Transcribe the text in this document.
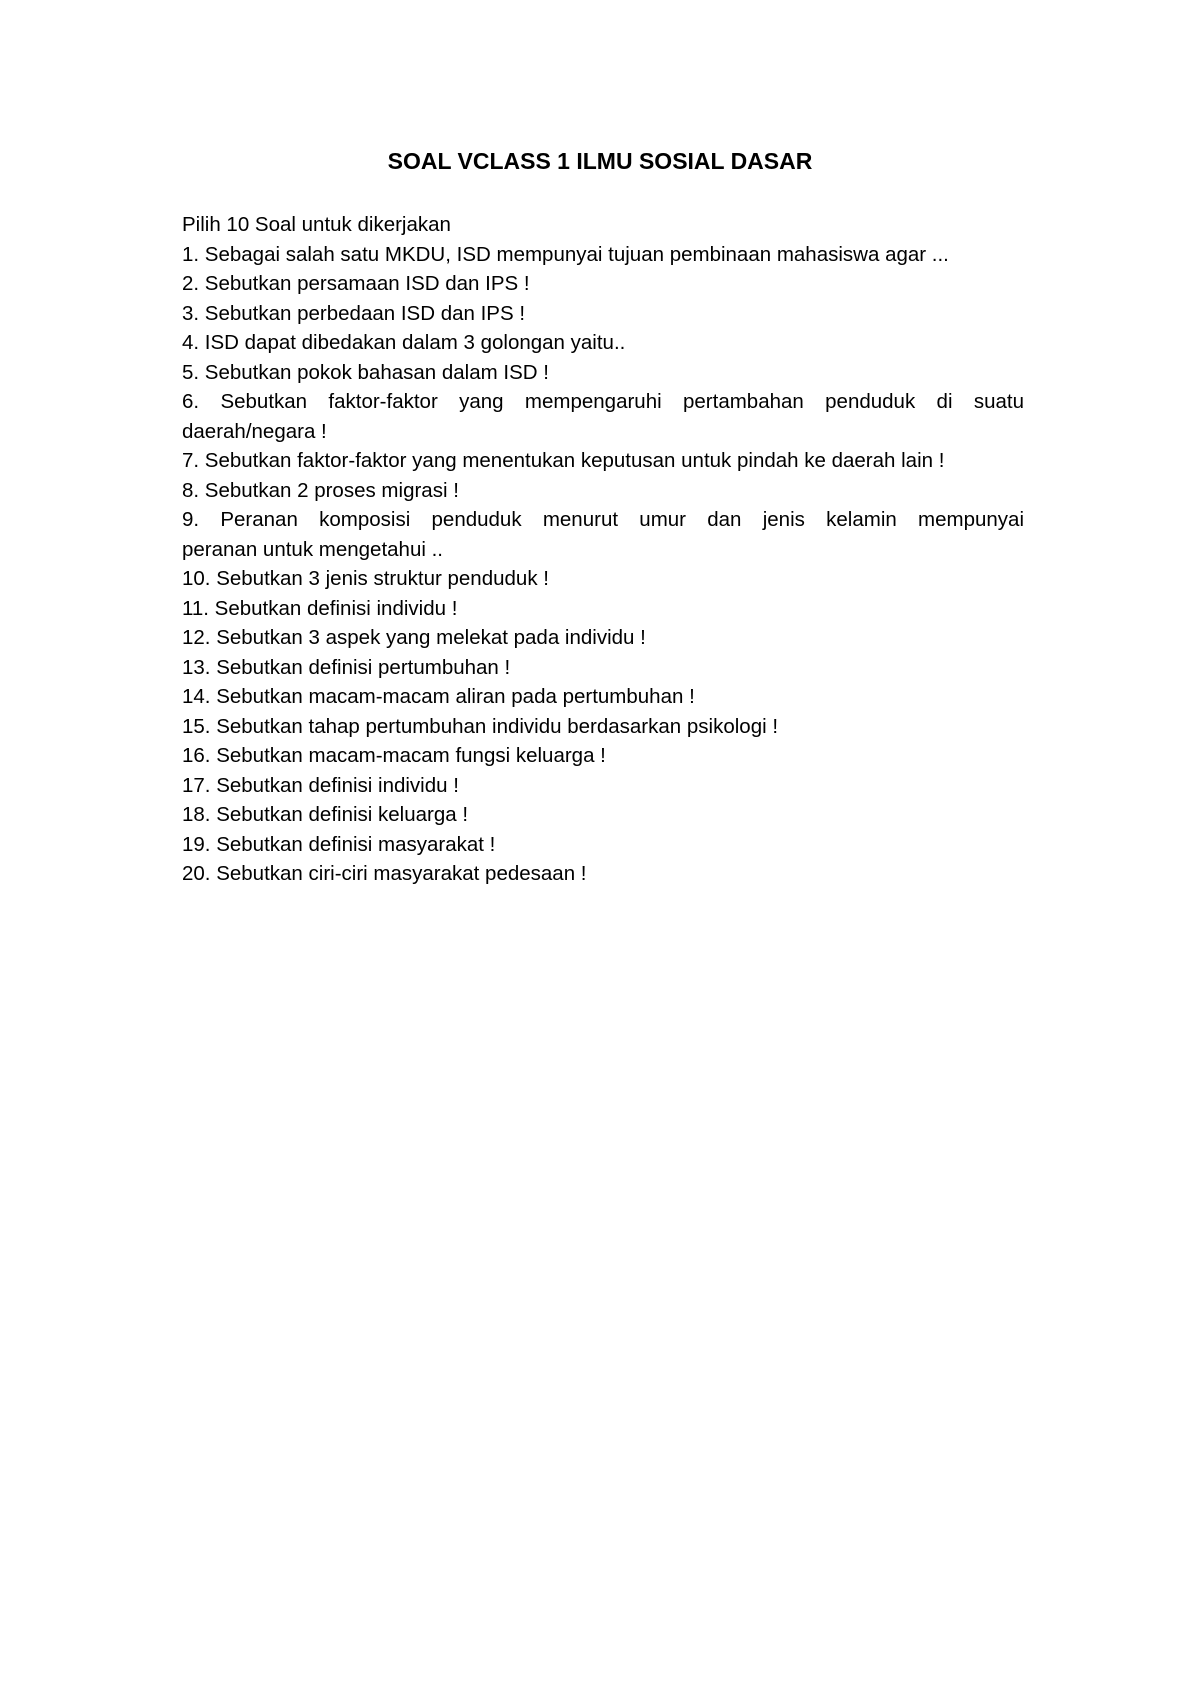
SOAL VCLASS 1 ILMU SOSIAL DASAR
Pilih 10 Soal untuk dikerjakan
1. Sebagai salah satu MKDU, ISD mempunyai tujuan pembinaan mahasiswa agar ...
2. Sebutkan persamaan ISD dan IPS !
3. Sebutkan perbedaan ISD dan IPS !
4. ISD dapat dibedakan dalam 3 golongan yaitu..
5. Sebutkan pokok bahasan dalam ISD !
6. Sebutkan faktor-faktor yang mempengaruhi pertambahan penduduk di suatu
daerah/negara !
7. Sebutkan faktor-faktor yang menentukan keputusan untuk pindah ke daerah lain !
8. Sebutkan 2 proses migrasi !
9. Peranan komposisi penduduk menurut umur dan jenis kelamin mempunyai
peranan untuk mengetahui ..
10. Sebutkan 3 jenis struktur penduduk !
11. Sebutkan definisi individu !
12. Sebutkan 3 aspek yang melekat pada individu !
13. Sebutkan definisi pertumbuhan !
14. Sebutkan macam-macam aliran pada pertumbuhan !
15. Sebutkan tahap pertumbuhan individu berdasarkan psikologi !
16. Sebutkan macam-macam fungsi keluarga !
17. Sebutkan definisi individu !
18. Sebutkan definisi keluarga !
19. Sebutkan definisi masyarakat !
20. Sebutkan ciri-ciri masyarakat pedesaan !
